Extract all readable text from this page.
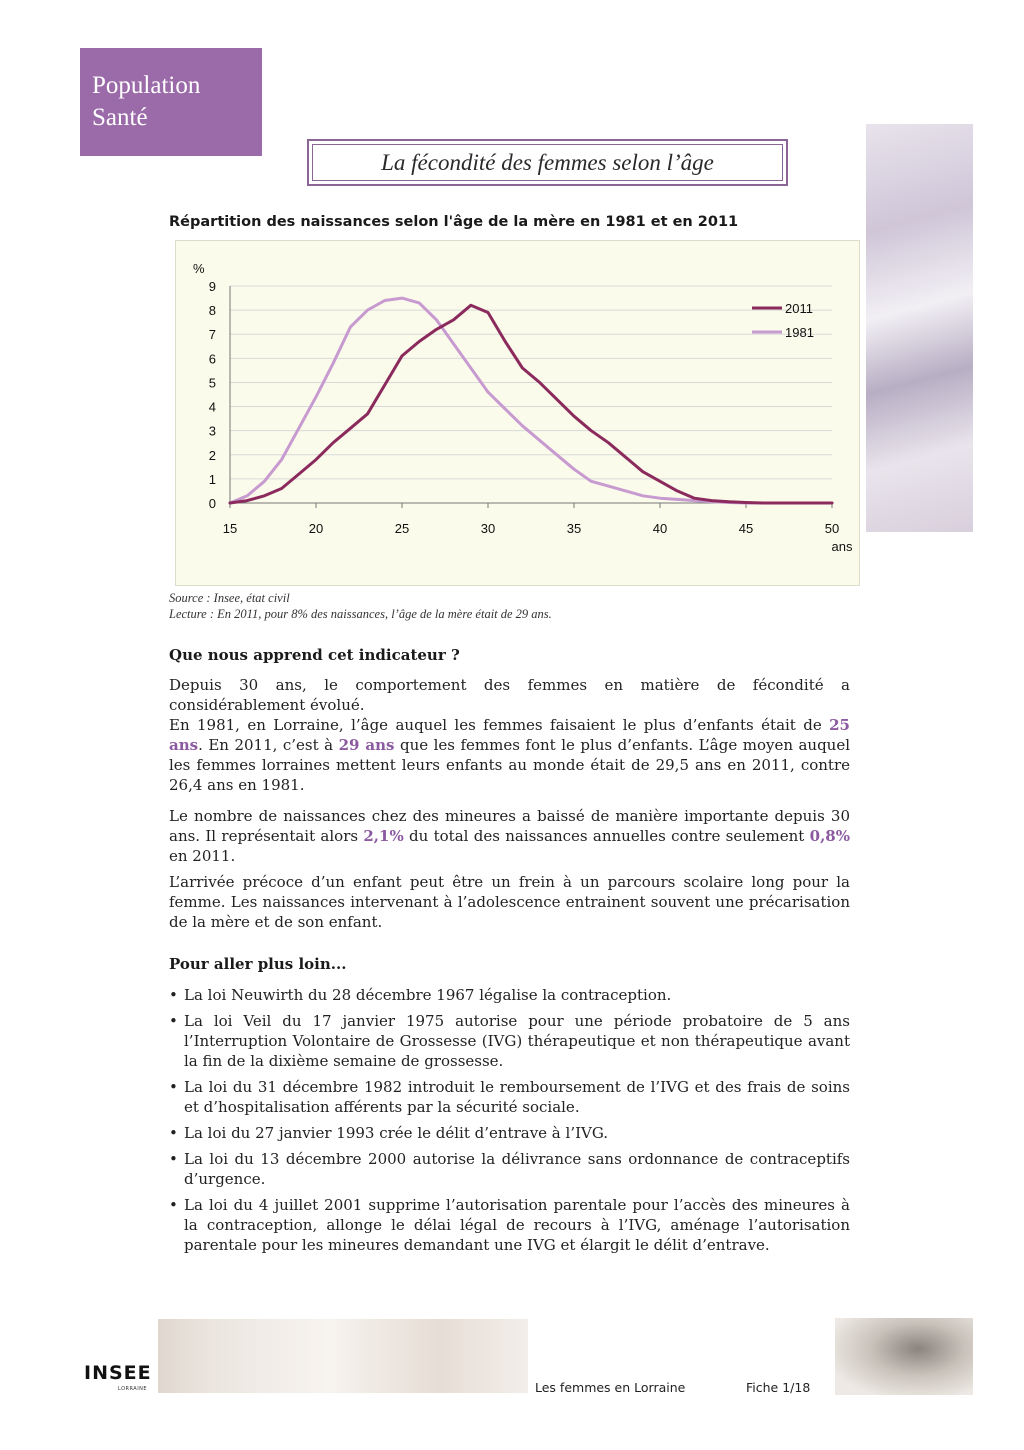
Population
Santé
La fécondité des femmes selon l’âge
Répartition des naissances selon l'âge de la mère en 1981 et en 2011
0
1
2
3
4
5
6
7
8
9
15	20	25	30	35	40	45	50
%
ans
2011
1981
Source : Insee, état civil
Lecture : En 2011, pour 8% des naissances, l’âge de la mère était de 29 ans.
Que nous apprend cet indicateur ?
Depuis 30 ans, le comportement des femmes en matière de fécondité a considérablement évolué.
En 1981, en Lorraine, l’âge auquel les femmes faisaient le plus d’enfants était de 25 ans. En 2011, c’est à 29 ans que les femmes font le plus d’enfants. L’âge moyen auquel les femmes lorraines mettent leurs enfants au monde était de 29,5 ans en 2011, contre 26,4 ans en 1981.
Le nombre de naissances chez des mineures a baissé de manière importante depuis 30 ans. Il représentait alors 2,1% du total des naissances annuelles contre seulement 0,8% en 2011.
L’arrivée précoce d’un enfant peut être un frein à un parcours scolaire long pour la femme. Les naissances intervenant à l’adolescence entrainent souvent une précarisation de la mère et de son enfant.
Pour aller plus loin...
• La loi Neuwirth du 28 décembre 1967 légalise la contraception.
• La loi Veil du 17 janvier 1975 autorise pour une période probatoire de 5 ans l’Interruption Volontaire de Grossesse (IVG) thérapeutique et non thérapeutique avant la fin de la dixième semaine de grossesse.
• La loi du 31 décembre 1982 introduit le remboursement de l’IVG et des frais de soins et d’hospitalisation afférents par la sécurité sociale.
• La loi du 27 janvier 1993 crée le délit d’entrave à l’IVG.
• La loi du 13 décembre 2000 autorise la délivrance sans ordonnance de contraceptifs d’urgence.
• La loi du 4 juillet 2001 supprime l’autorisation parentale pour l’accès des mineures à la contraception, allonge le délai légal de recours à l’IVG, aménage l’autorisation parentale pour les mineures demandant une IVG et élargit le délit d’entrave.
INSEE
LORRAINE	Les femmes en Lorraine	Fiche 1/18
